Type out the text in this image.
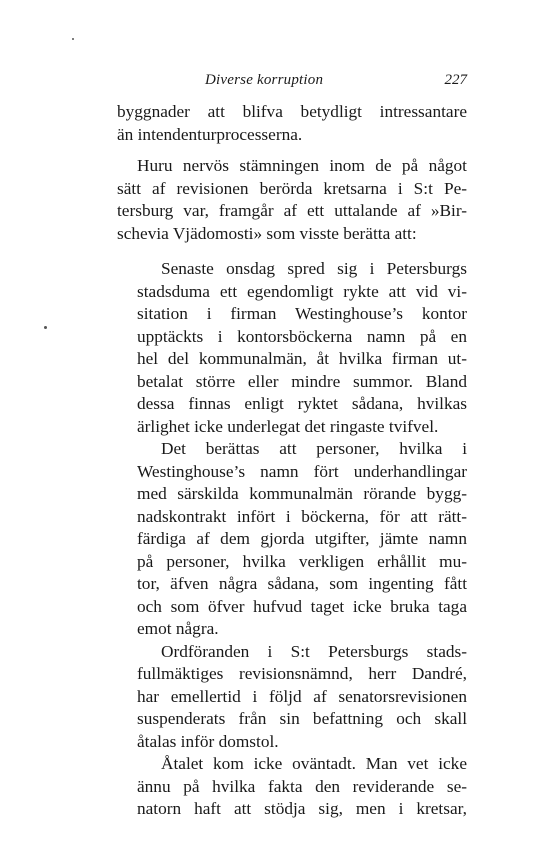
Diverse korruption	227
byggnader att blifva betydligt intressantare
än intendenturprocesserna.
Huru nervös stämningen inom de på något
sätt af revisionen berörda kretsarna i S:t Pe-
tersburg var, framgår af ett uttalande af »Bir-
schevia Vjädomosti» som visste berätta att:
Senaste onsdag spred sig i Petersburgs
stadsduma ett egendomligt rykte att vid vi-
sitation i firman Westinghouse’s kontor
upptäckts i kontorsböckerna namn på en
hel del kommunalmän, åt hvilka firman ut-
betalat större eller mindre summor. Bland
dessa finnas enligt ryktet sådana, hvilkas
ärlighet icke underlegat det ringaste tvifvel.
Det berättas att personer, hvilka i
Westinghouse’s namn fört underhandlingar
med särskilda kommunalmän rörande bygg-
nadskontrakt infört i böckerna, för att rätt-
färdiga af dem gjorda utgifter, jämte namn
på personer, hvilka verkligen erhållit mu-
tor, äfven några sådana, som ingenting fått
och som öfver hufvud taget icke bruka taga
emot några.
Ordföranden i S:t Petersburgs stads-
fullmäktiges revisionsnämnd, herr Dandré,
har emellertid i följd af senatorsrevisionen
suspenderats från sin befattning och skall
åtalas inför domstol.
Åtalet kom icke oväntadt. Man vet icke
ännu på hvilka fakta den reviderande se-
natorn haft att stödja sig, men i kretsar,
